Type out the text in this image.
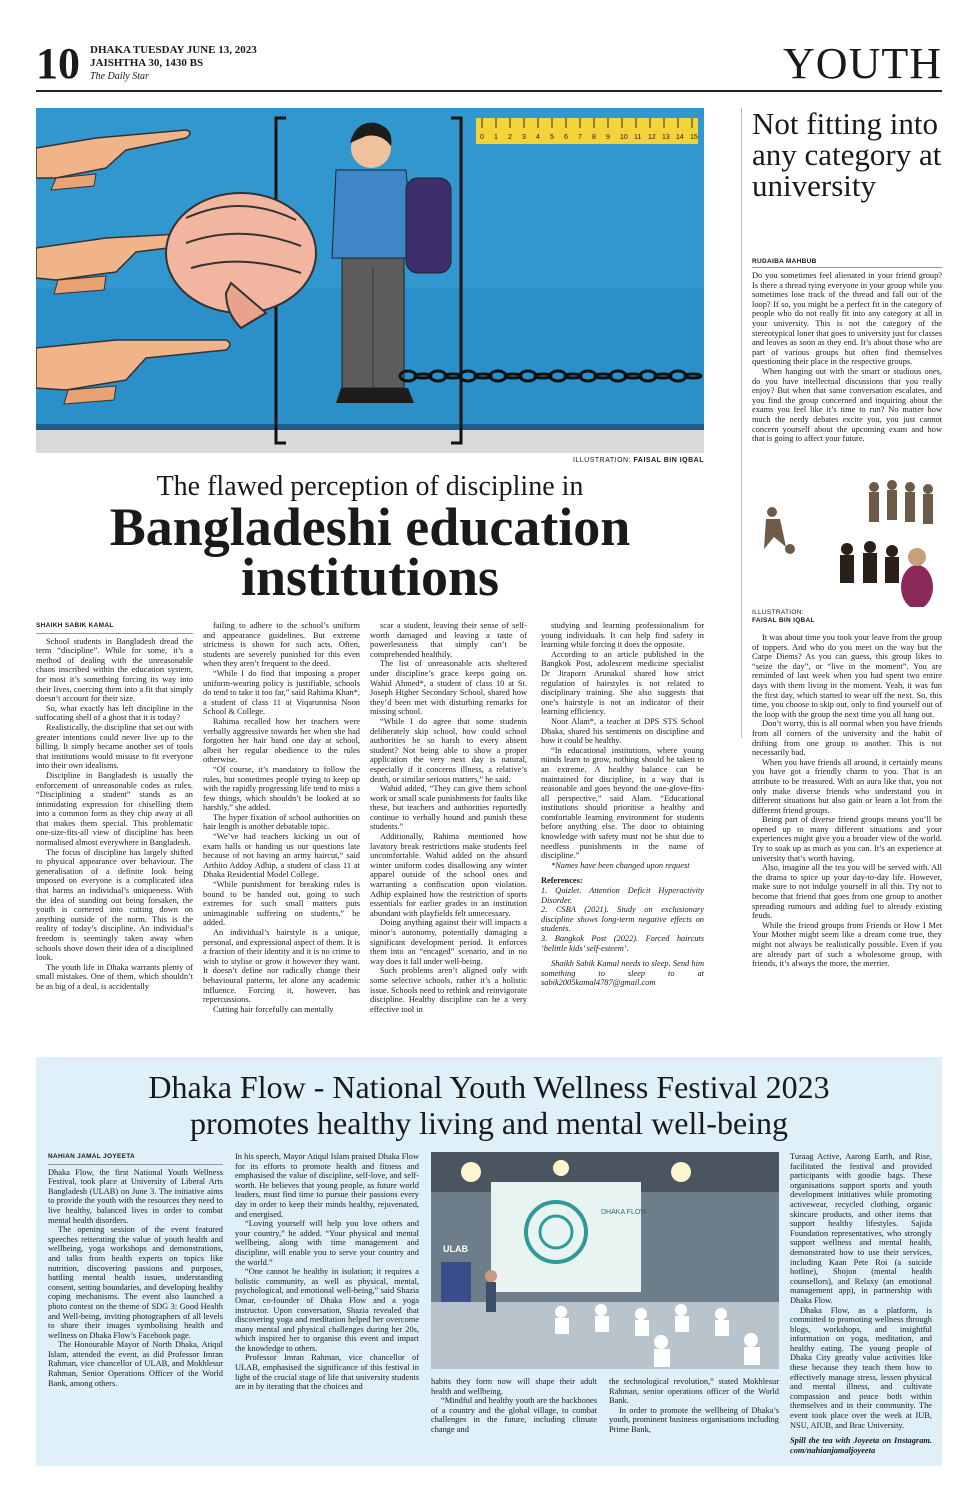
10 DHAKA TUESDAY JUNE 13, 2023
JAISHTHA 30, 1430 BS
The Daily Star	YOUTH
0 1 2 3 4 5 6 7 8 9 10 11 12 13 14 15
ILLUSTRATION: FAISAL BIN IQBAL
The flawed perception of discipline in
Bangladeshi education institutions
SHAIKH SABIK KAMAL

School students in Bangladesh dread the term “discipline”. While for some, it’s a method of dealing with the unreasonable chaos inscribed within the education system, for most it’s something forcing its way into their lives, coercing them into a fit that simply doesn’t account for their size.

So, what exactly has left discipline in the suffocating shell of a ghost that it is today?

Realistically, the discipline that set out with greater intentions could never live up to the billing. It simply became another set of tools that institutions would misuse to fit everyone into their own idealisms.

Discipline in Bangladesh is usually the enforcement of unreasonable codes as rules. “Disciplining a student” stands as an intimidating expression for chiselling them into a common form as they chip away at all that makes them special. This problematic one-size-fits-all view of discipline has been normalised almost everywhere in Bangladesh.

The focus of discipline has largely shifted to physical appearance over behaviour. The generalisation of a definite look being imposed on everyone is a complicated idea that harms an individual’s uniqueness. With the idea of standing out being forsaken, the youth is cornered into cutting down on anything outside of the norm. This is the reality of today’s discipline. An individual’s freedom is seemingly taken away when schools shove down their idea of a disciplined look.

The youth life in Dhaka warrants plenty of small mistakes. One of them, which shouldn’t be as big of a deal, is accidentally

failing to adhere to the school’s uniform and appearance guidelines. But extreme strictness is shown for such acts. Often, students are severely punished for this even when they aren’t frequent to the deed.

“While I do find that imposing a proper uniform-wearing policy is justifiable, schools do tend to take it too far,” said Rahima Khan*, a student of class 11 at Viqarunnisa Noon School & College.

Rahima recalled how her teachers were verbally aggressive towards her when she had forgotten her hair band one day at school, albeit her regular obedience to the rules otherwise.

“Of course, it’s mandatory to follow the rules, but sometimes people trying to keep up with the rapidly progressing life tend to miss a few things, which shouldn’t be looked at so harshly,” she added.

The hyper fixation of school authorities on hair length is another debatable topic.

“We’ve had teachers kicking us out of exam halls or handing us our questions late because of not having an army haircut,” said Arthito Addoy Adhip, a student of class 11 at Dhaka Residential Model College.

“While punishment for breaking rules is bound to be handed out, going to such extremes for such small matters puts unimaginable suffering on students,” he added.

An individual’s hairstyle is a unique, personal, and expressional aspect of them. It is a fraction of their identity and it is no crime to wish to stylise or grow it however they want. It doesn’t define nor radically change their behavioural patterns, let alone any academic influence. Forcing it, however, has repercussions.

Cutting hair forcefully can mentally

scar a student, leaving their sense of self-worth damaged and leaving a taste of powerlessness that simply can’t be comprehended healthily.

The list of unreasonable acts sheltered under discipline’s grace keeps going on. Wahid Ahmed*, a student of class 10 at St. Joseph Higher Secondary School, shared how they’d been met with disturbing remarks for missing school.

“While I do agree that some students deliberately skip school, how could school authorities be so harsh to every absent student? Not being able to show a proper application the very next day is natural, especially if it concerns illness, a relative’s death, or similar serious matters,” he said.

Wahid added, “They can give them school work or small scale punishments for faults like these, but teachers and authorities reportedly continue to verbally hound and punish these students.”

Additionally, Rahima mentioned how lavatory break restrictions make students feel uncomfortable. Wahid added on the absurd winter uniform codes disallowing any winter apparel outside of the school ones and warranting a confiscation upon violation. Adhip explained how the restriction of sports essentials for earlier grades in an institution abundant with playfields felt unnecessary.

Doing anything against their will impacts a minor’s autonomy, potentially damaging a significant development period. It enforces them into an “encaged” scenario, and in no way does it fall under well-being.

Such problems aren’t aligned only with some selective schools, rather it’s a holistic issue. Schools need to rethink and reinvigorate discipline. Healthy discipline can be a very effective tool in

studying and learning professionalism for young individuals. It can help find safety in learning while forcing it does the opposite.

According to an article published in the Bangkok Post, adolescent medicine specialist Dr Jiraporn Arunakul shared how strict regulation of hairstyles is not related to disciplinary training. She also suggests that one’s hairstyle is not an indicator of their learning efficiency.

Noor Alam*, a teacher at DPS STS School Dhaka, shared his sentiments on discipline and how it could be healthy.

“In educational institutions, where young minds learn to grow, nothing should be taken to an extreme. A healthy balance can be maintained for discipline, in a way that is reasonable and goes beyond the one-glove-fits-all perspective,” said Alam. “Educational institutions should prioritise a healthy and comfortable learning environment for students before anything else. The door to obtaining knowledge with safety must not be shut due to needless punishments in the name of discipline.”

*Names have been changed upon request

References:

1. Quizlet. Attention Deficit Hyperactivity Disorder.

2. CSBA (2021). Study on exclusionary discipline shows long-term negative effects on students.

3. Bangkok Post (2022). Forced haircuts ‘belittle kids’ self-esteem’.

Shaikh Sabik Kamal needs to sleep. Send him something to sleep to at sabik2005kamal4787@gmail.com

Not fitting into any category at university
RUDAIBA MAHBUB

Do you sometimes feel alienated in your friend group? Is there a thread tying everyone in your group while you sometimes lose track of the thread and fall out of the loop? If so, you might be a perfect fit in the category of people who do not really fit into any category at all in your university. This is not the category of the stereotypical loner that goes to university just for classes and leaves as soon as they end. It’s about those who are part of various groups but often find themselves questioning their place in the respective groups.

When hanging out with the smart or studious ones, do you have intellectual discussions that you really enjoy? But when that same conversation escalates, and you find the group concerned and inquiring about the exams you feel like it’s time to run? No matter how much the nerdy debates excite you, you just cannot concern yourself about the upcoming exam and how that is going to affect your future.

ILLUSTRATION:
FAISAL BIN IQBAL

It was about time you took your leave from the group of toppers. And who do you meet on the way but the Carpe Diems? As you can guess, this group likes to “seize the day”, or “live in the moment”. You are reminded of last week when you had spent two entire days with them living in the moment. Yeah, it was fun the first day, which started to wear off the next. So, this time, you choose to skip out, only to find yourself out of the loop with the group the next time you all hang out.

Don’t worry, this is all normal when you have friends from all corners of the university and the habit of drifting from one group to another. This is not necessarily bad.

When you have friends all around, it certainly means you have got a friendly charm to you. That is an attribute to be treasured. With an aura like that, you not only make diverse friends who understand you in different situations but also gain or learn a lot from the different friend groups.

Being part of diverse friend groups means you’ll be opened up to many different situations and your experiences might give you a broader view of the world. Try to soak up as much as you can. It’s an experience at university that’s worth having.

Also, imagine all the tea you will be served with. All the drama to spice up your day-to-day life. However, make sure to not indulge yourself in all this. Try not to become that friend that goes from one group to another spreading rumours and adding fuel to already existing feuds.

While the friend groups from Friends or How I Met Your Mother might seem like a dream come true, they might not always be realistically possible. Even if you are already part of such a wholesome group, with friends, it’s always the more, the merrier.

Dhaka Flow - National Youth Wellness Festival 2023
promotes healthy living and mental well-being
NAHIAN JAMAL JOYEETA

Dhaka Flow, the first National Youth Wellness Festival, took place at University of Liberal Arts Bangladesh (ULAB) on June 3. The initiative aims to provide the youth with the resources they need to live healthy, balanced lives in order to combat mental health disorders.

The opening session of the event featured speeches reiterating the value of youth health and wellbeing, yoga workshops and demonstrations, and talks from health experts on topics like nutrition, discovering passions and purposes, battling mental health issues, understanding consent, setting boundaries, and developing healthy coping mechanisms. The event also launched a photo contest on the theme of SDG 3: Good Health and Well-being, inviting photographers of all levels to share their images symbolising health and wellness on Dhaka Flow’s Facebook page.

The Honourable Mayor of North Dhaka, Atiqul Islam, attended the event, as did Professor Imran Rahman, vice chancellor of ULAB, and Mokhlesur Rahman, Senior Operations Officer of the World Bank, among others.

In his speech, Mayor Atiqul Islam praised Dhaka Flow for its efforts to promote health and fitness and emphasised the value of discipline, self-love, and self-worth. He believes that young people, as future world leaders, must find time to pursue their passions every day in order to keep their minds healthy, rejuvenated, and energised.

“Loving yourself will help you love others and your country,” he added. “Your physical and mental wellbeing, along with time management and discipline, will enable you to serve your country and the world.”

“One cannot be healthy in isolation; it requires a holistic community, as well as physical, mental, psychological, and emotional well-being,” said Shazia Omar, co-founder of Dhaka Flow and a yoga instructor. Upon conversation, Shazia revealed that discovering yoga and meditation helped her overcome many mental and physical challenges during her 20s, which inspired her to organise this event and impart the knowledge to others.

Professor Imran Rahman, vice chancellor of ULAB, emphasised the significance of this festival in light of the crucial stage of life that university students are in by iterating that the choices and

DHAKA FLOW
ULAB

habits they form now will shape their adult health and wellbeing.

“Mindful and healthy youth are the backbones of a country and the global village, to combat challenges in the future, including climate change and

the technological revolution,” stated Mokhlesur Rahman, senior operations officer of the World Bank.

In order to promote the wellbeing of Dhaka’s youth, prominent business organisations including Prime Bank,

Turaag Active, Aarong Earth, and Rise, facilitated the festival and provided participants with goodie bags. These organisations support sports and youth development initiatives while promoting activewear, recycled clothing, organic skincare products, and other items that support healthy lifestyles. Sajida Foundation representatives, who strongly support wellness and mental health, demonstrated how to use their services, including Kaan Pete Roi (a suicide hotline), Shojon (mental health counsellors), and Relaxy (an emotional management app), in partnership with Dhaka Flow.

Dhaka Flow, as a platform, is committed to promoting wellness through blogs, workshops, and insightful information on yoga, meditation, and healthy eating. The young people of Dhaka City greatly value activities like these because they teach them how to effectively manage stress, lessen physical and mental illness, and cultivate compassion and peace both within themselves and in their community. The event took place over the week at IUB, NSU, AIUB, and Brac University.

Spill the tea with Joyeeta on Instagram. com/nahianjamaljoyeeta
